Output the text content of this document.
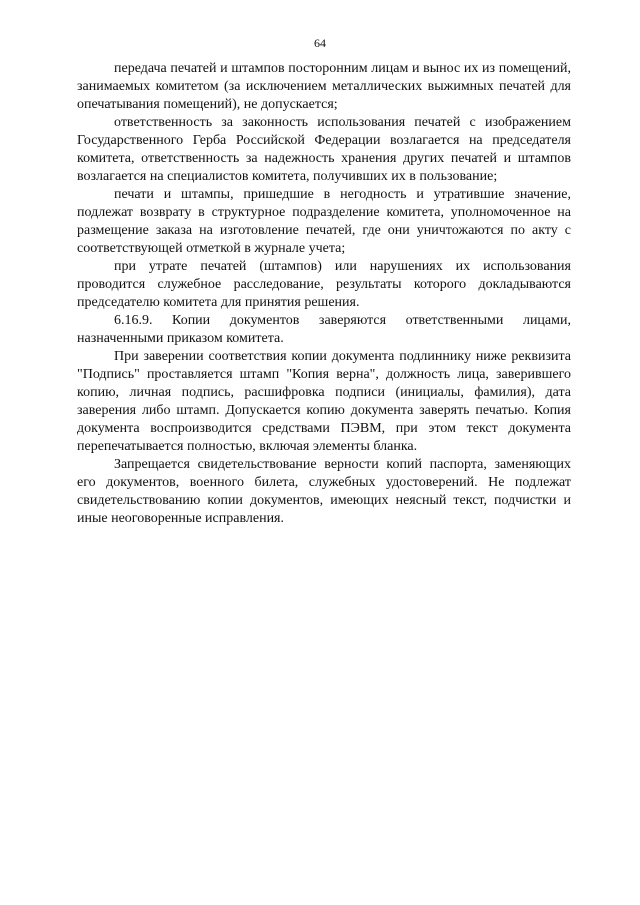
64

передача печатей и штампов посторонним лицам и вынос их из помещений, занимаемых комитетом (за исключением металлических выжимных печатей для опечатывания помещений), не допускается;

ответственность за законность использования печатей с изображением Государственного Герба Российской Федерации возлагается на председателя комитета, ответственность за надежность хранения других печатей и штампов возлагается на специалистов комитета, получивших их в пользование;

печати и штампы, пришедшие в негодность и утратившие значение, подлежат возврату в структурное подразделение комитета, уполномоченное на размещение заказа на изготовление печатей, где они уничтожаются по акту с соответствующей отметкой в журнале учета;

при утрате печатей (штампов) или нарушениях их использования проводится служебное расследование, результаты которого докладываются председателю комитета для принятия решения.

6.16.9. Копии документов заверяются ответственными лицами, назначенными приказом комитета.

При заверении соответствия копии документа подлиннику ниже реквизита "Подпись" проставляется штамп "Копия верна", должность лица, заверившего копию, личная подпись, расшифровка подписи (инициалы, фамилия), дата заверения либо штамп. Допускается копию документа заверять печатью. Копия документа воспроизводится средствами ПЭВМ, при этом текст документа перепечатывается полностью, включая элементы бланка.

Запрещается свидетельствование верности копий паспорта, заменяющих его документов, военного билета, служебных удостоверений. Не подлежат свидетельствованию копии документов, имеющих неясный текст, подчистки и иные неоговоренные исправления.
